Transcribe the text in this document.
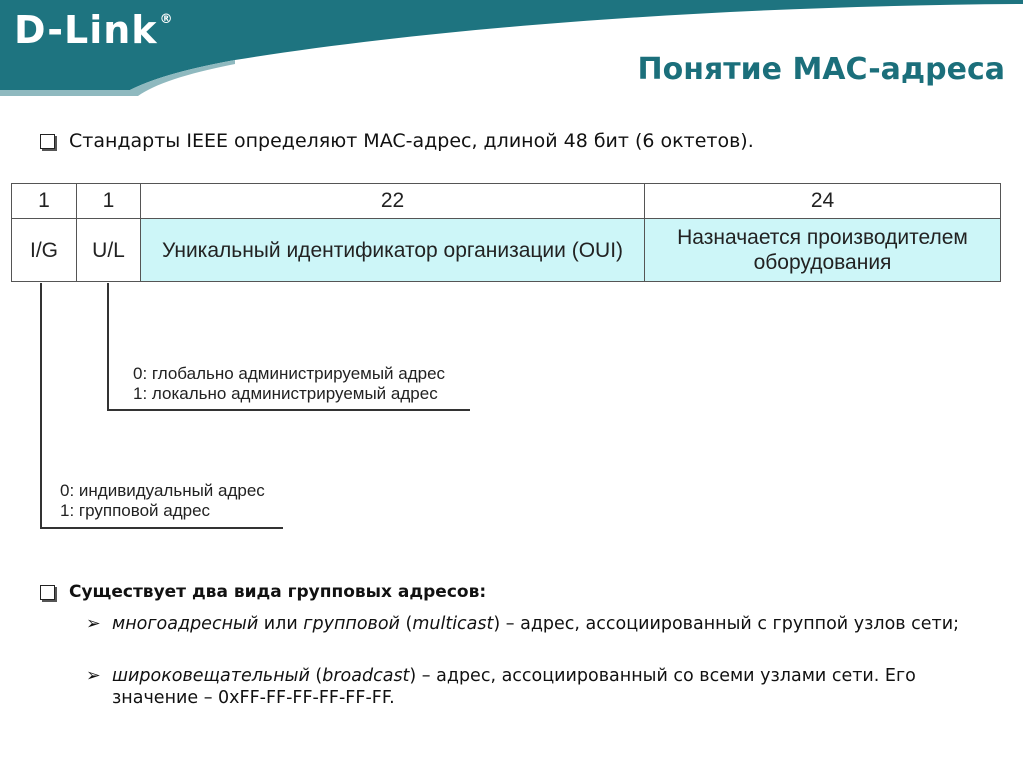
D-Link ®
Понятие MAC-адреса
Стандарты IEEE определяют MAC-адрес, длиной 48 бит (6 октетов).
1	1	22	24
I/G	U/L	Уникальный идентификатор организации (OUI)	Назначается производителем оборудования
0: глобально администрируемый адрес
1: локально администрируемый адрес
0: индивидуальный адрес
1: групповой адрес
Существует два вида групповых адресов:
➢ многоадресный или групповой (multicast) – адрес, ассоциированный с группой узлов сети;
➢ широковещательный (broadcast) – адрес, ассоциированный со всеми узлами сети. Его значение – 0xFF-FF-FF-FF-FF-FF.
